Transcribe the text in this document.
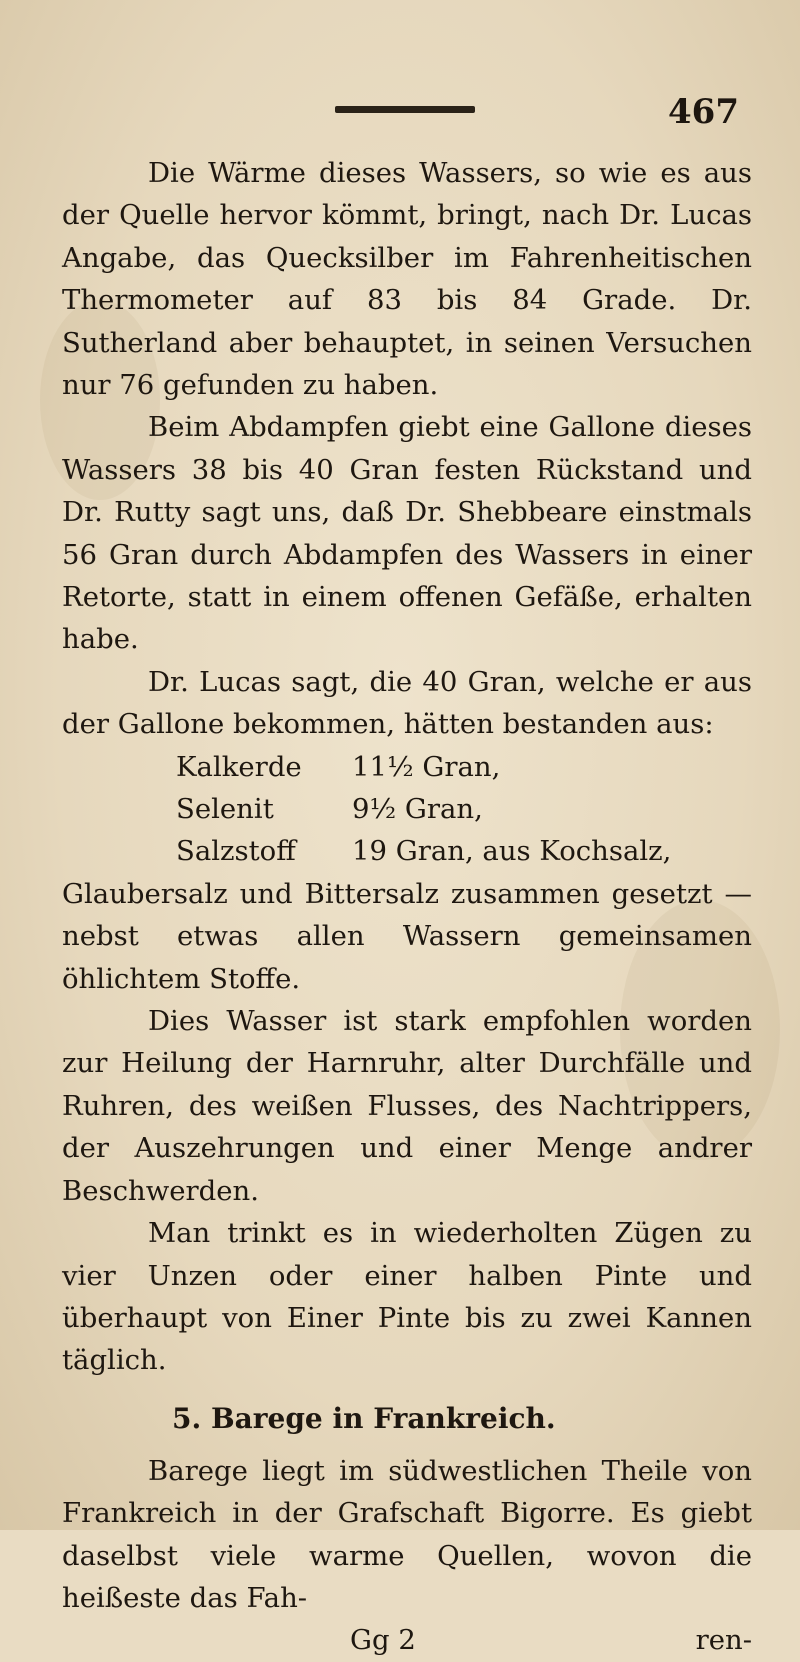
467

Die Wärme dieses Wassers, so wie es aus der Quelle hervor kömmt, bringt, nach Dr. Lucas Angabe, das Quecksilber im Fahrenheitischen Thermometer auf 83 bis 84 Grade. Dr. Sutherland aber behauptet, in seinen Versuchen nur 76 gefunden zu haben.

Beim Abdampfen giebt eine Gallone dieses Wassers 38 bis 40 Gran festen Rückstand und Dr. Rutty sagt uns, daß Dr. Shebbeare einstmals 56 Gran durch Abdampfen des Wassers in einer Retorte, statt in einem offenen Gefäße, erhalten habe.

Dr. Lucas sagt, die 40 Gran, welche er aus der Gallone bekommen, hätten bestanden aus:

Kalkerde	11½ Gran,
Selenit	9½ Gran,
Salzstoff	19 Gran, aus Kochsalz,

Glaubersalz und Bittersalz zusammen gesetzt — nebst etwas allen Wassern gemeinsamen öhlichtem Stoffe.

Dies Wasser ist stark empfohlen worden zur Heilung der Harnruhr, alter Durchfälle und Ruhren, des weißen Flusses, des Nachtrippers, der Auszehrungen und einer Menge andrer Beschwerden.

Man trinkt es in wiederholten Zügen zu vier Unzen oder einer halben Pinte und überhaupt von Einer Pinte bis zu zwei Kannen täglich.

5. Barege in Frankreich.

Barege liegt im südwestlichen Theile von Frankreich in der Grafschaft Bigorre. Es giebt daselbst viele warme Quellen, wovon die heißeste das Fah-

Gg 2	ren-
